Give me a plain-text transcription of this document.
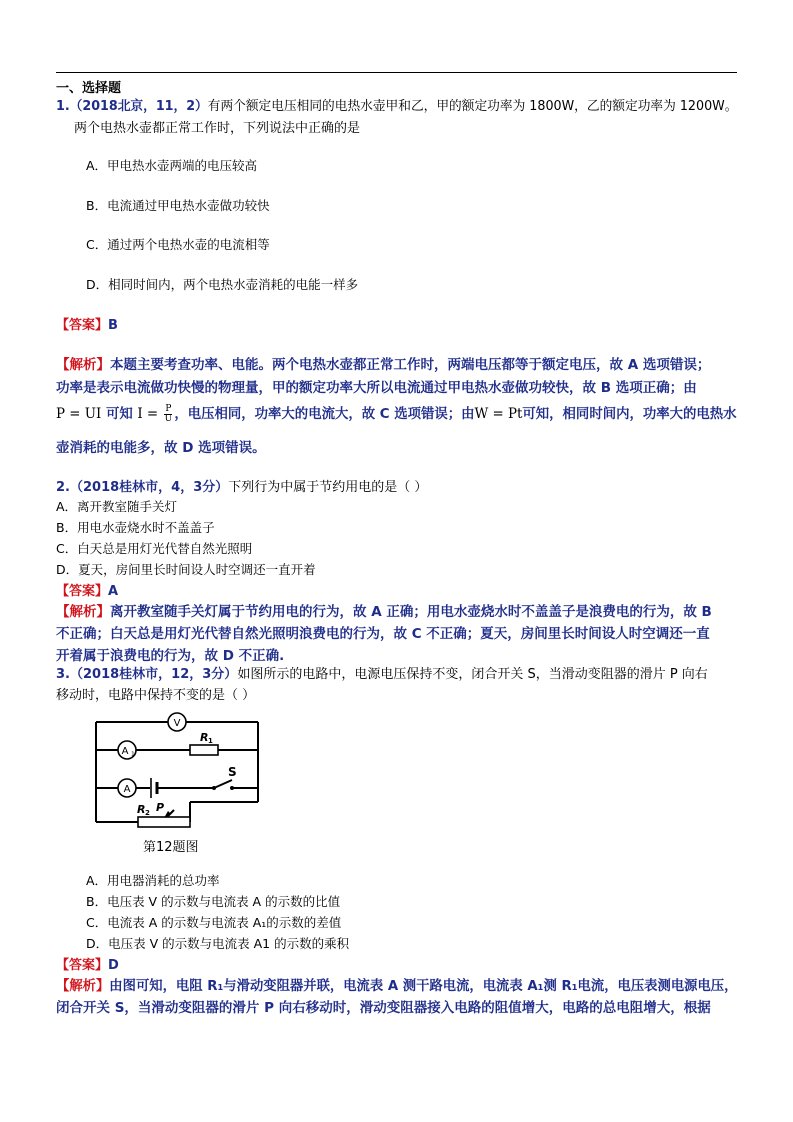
一、选择题
1.（2018北京，11，2）有两个额定电压相同的电热水壶甲和乙，甲的额定功率为 1800W，乙的额定功率为 1200W。
两个电热水壶都正常工作时，下列说法中正确的是
A．甲电热水壶两端的电压较高
B．电流通过甲电热水壶做功较快
C．通过两个电热水壶的电流相等
D．相同时间内，两个电热水壶消耗的电能一样多
【答案】B
【解析】本题主要考查功率、电能。两个电热水壶都正常工作时，两端电压都等于额定电压，故 A 选项错误；
功率是表示电流做功快慢的物理量，甲的额定功率大所以电流通过甲电热水壶做功较快，故 B 选项正确；由
P = UI 可知 $I = \frac{P}{U}$ ，电压相同，功率大的电流大，故 C 选项错误；由W = Pt可知，相同时间内，功率大的电热水
壶消耗的电能多，故 D 选项错误。
2.（2018桂林市，4，3分）下列行为中属于节约用电的是（ ）
A．离开教室随手关灯
B．用电水壶烧水时不盖盖子
C．白天总是用灯光代替自然光照明
D．夏天，房间里长时间设人时空调还一直开着
【答案】A
【解析】离开教室随手关灯属于节约用电的行为，故 A 正确；用电水壶烧水时不盖盖子是浪费电的行为，故 B
不正确；白天总是用灯光代替自然光照明浪费电的行为，故 C 不正确；夏天，房间里长时间设人时空调还一直
开着属于浪费电的行为，故 D 不正确.
3.（2018桂林市，12，3分）如图所示的电路中，电源电压保持不变，闭合开关 S，当滑动变阻器的滑片 P 向右
移动时，电路中保持不变的是（ ）
V
A 1
R 1
A
S
R 2 P
第12题图
A．用电器消耗的总功率
B．电压表 V 的示数与电流表 A 的示数的比值
C．电流表 A 的示数与电流表 A₁的示数的差值
D．电压表 V 的示数与电流表 A1 的示数的乘积
【答案】D
【解析】由图可知，电阻 R₁与滑动变阻器并联，电流表 A 测干路电流，电流表 A₁测 R₁电流，电压表测电源电压，
闭合开关 S，当滑动变阻器的滑片 P 向右移动时，滑动变阻器接入电路的阻值增大，电路的总电阻增大，根据
